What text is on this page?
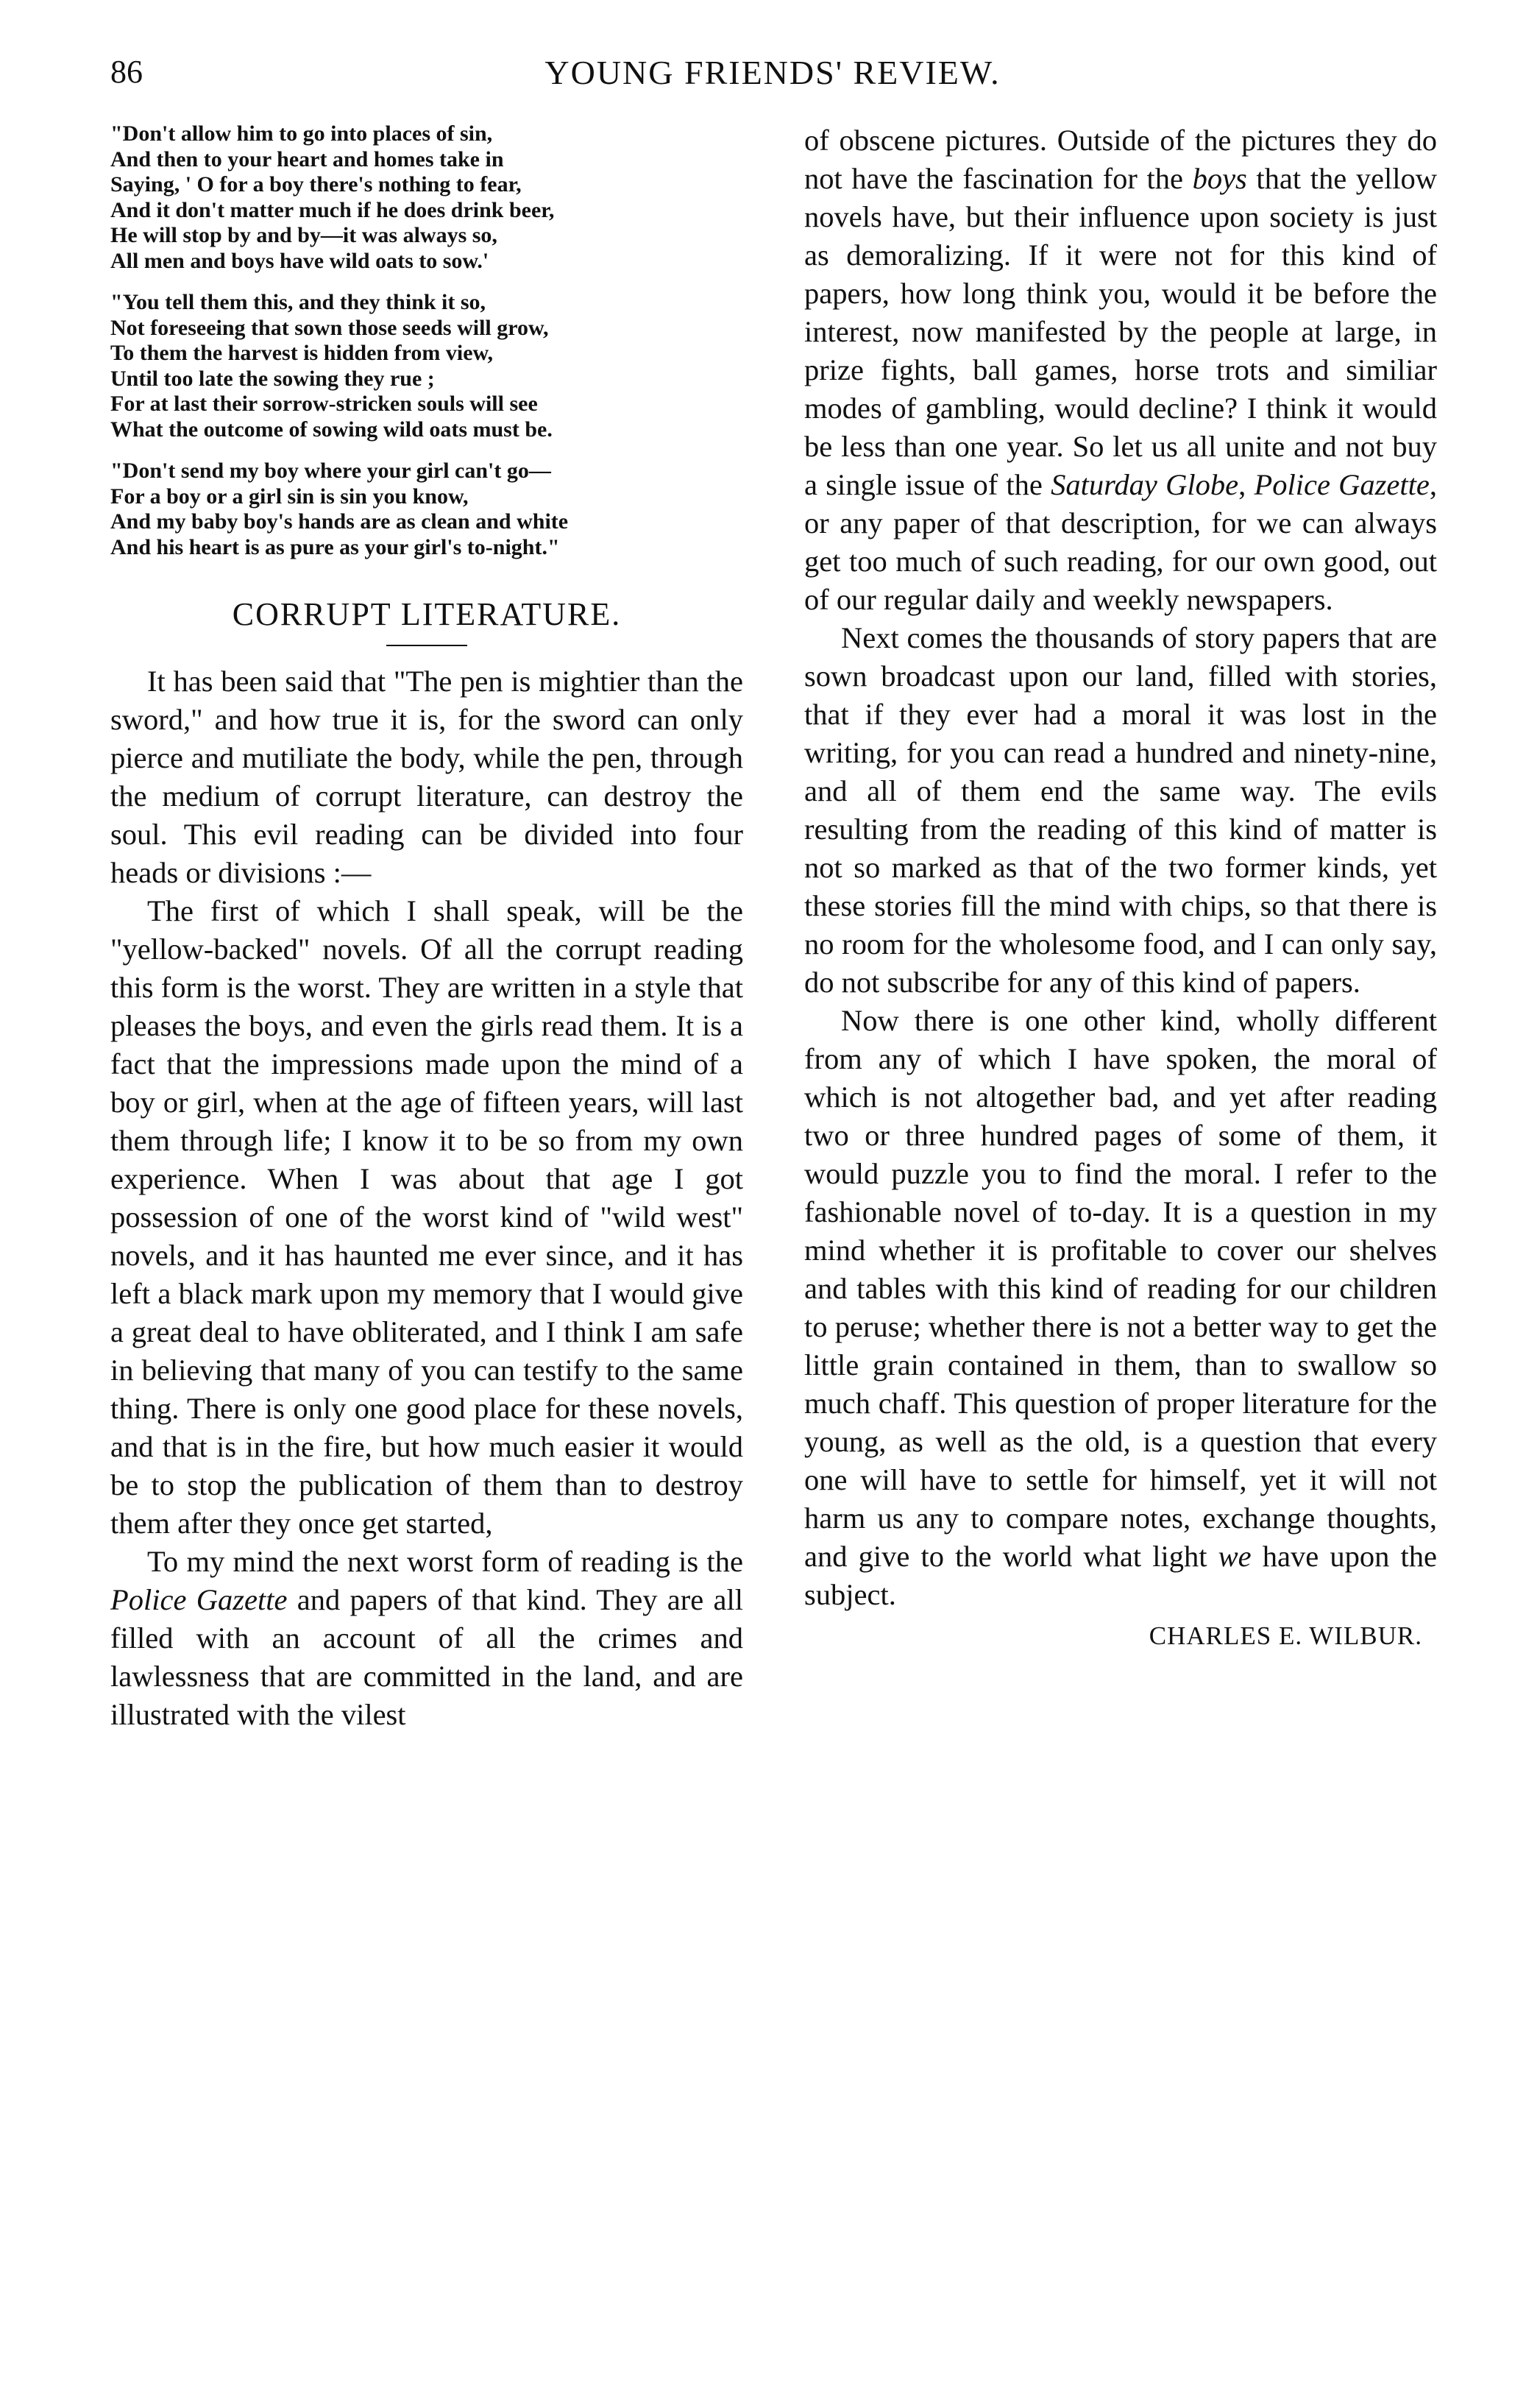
86	YOUNG FRIENDS' REVIEW.
"Don't allow him to go into places of sin,
And then to your heart and homes take in
Saying, ' O for a boy there's nothing to fear,
And it don't matter much if he does drink beer,
He will stop by and by—it was always so,
All men and boys have wild oats to sow.'
"You tell them this, and they think it so,
Not foreseeing that sown those seeds will grow,
To them the harvest is hidden from view,
Until too late the sowing they rue ;
For at last their sorrow-stricken souls will see
What the outcome of sowing wild oats must be.
"Don't send my boy where your girl can't go—
For a boy or a girl sin is sin you know,
And my baby boy's hands are as clean and white
And his heart is as pure as your girl's to-night."
CORRUPT LITERATURE.

It has been said that "The pen is mightier than the sword," and how true it is, for the sword can only pierce and mutiliate the body, while the pen, through the medium of corrupt literature, can destroy the soul. This evil reading can be divided into four heads or divisions :—

The first of which I shall speak, will be the "yellow-backed" novels. Of all the corrupt reading this form is the worst. They are written in a style that pleases the boys, and even the girls read them. It is a fact that the impressions made upon the mind of a boy or girl, when at the age of fifteen years, will last them through life; I know it to be so from my own experience. When I was about that age I got possession of one of the worst kind of "wild west" novels, and it has haunted me ever since, and it has left a black mark upon my memory that I would give a great deal to have obliterated, and I think I am safe in believing that many of you can testify to the same thing. There is only one good place for these novels, and that is in the fire, but how much easier it would be to stop the publication of them than to destroy them after they once get started,

To my mind the next worst form of reading is the Police Gazette and papers of that kind. They are all filled with an account of all the crimes and lawlessness that are committed in the land, and are illustrated with the vilest

of obscene pictures. Outside of the pictures they do not have the fascination for the boys that the yellow novels have, but their influence upon society is just as demoralizing. If it were not for this kind of papers, how long think you, would it be before the interest, now manifested by the people at large, in prize fights, ball games, horse trots and similiar modes of gambling, would decline? I think it would be less than one year. So let us all unite and not buy a single issue of the Saturday Globe, Police Gazette, or any paper of that description, for we can always get too much of such reading, for our own good, out of our regular daily and weekly newspapers.

Next comes the thousands of story papers that are sown broadcast upon our land, filled with stories, that if they ever had a moral it was lost in the writing, for you can read a hundred and ninety-nine, and all of them end the same way. The evils resulting from the reading of this kind of matter is not so marked as that of the two former kinds, yet these stories fill the mind with chips, so that there is no room for the wholesome food, and I can only say, do not subscribe for any of this kind of papers.

Now there is one other kind, wholly different from any of which I have spoken, the moral of which is not altogether bad, and yet after reading two or three hundred pages of some of them, it would puzzle you to find the moral. I refer to the fashionable novel of to-day. It is a question in my mind whether it is profitable to cover our shelves and tables with this kind of reading for our children to peruse; whether there is not a better way to get the little grain contained in them, than to swallow so much chaff. This question of proper literature for the young, as well as the old, is a question that every one will have to settle for himself, yet it will not harm us any to compare notes, exchange thoughts, and give to the world what light we have upon the subject.

CHARLES E. WILBUR.
